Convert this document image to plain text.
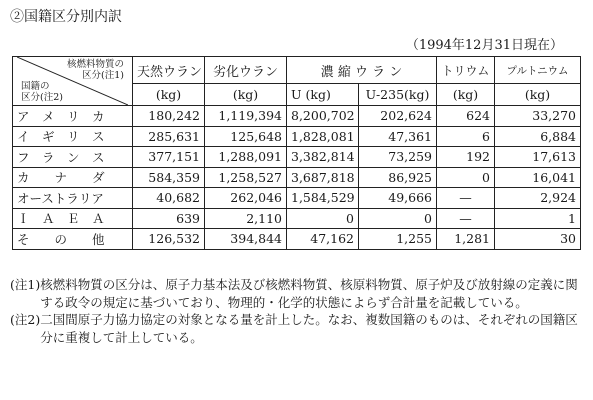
②国籍区分別内訳
（1994年12月31日現在）
核燃料物質の
区分(注1)
国籍の
区分(注2)	天然ウラン	劣化ウラン	濃 縮 ウ ラ ン		トリウム	プルトニウム
	(kg)	(kg)	U (kg)	U-235(kg)	(kg)	(kg)
ア　メ　リ　カ	180,242	1,119,394	8,200,702	202,624	624	33,270
イ　ギ　リ　ス	285,631	125,648	1,828,081	47,361	6	6,884
フ　ラ　ン　ス	377,151	1,288,091	3,382,814	73,259	192	17,613
カ　　ナ　　ダ	584,359	1,258,527	3,687,818	86,925	0	16,041
オーストラリア	40,682	262,046	1,584,529	49,666	—	2,924
Ｉ　Ａ　Ｅ　Ａ	639	2,110	0	0	—	1
そ　　の　　他	126,532	394,844	47,162	1,255	1,281	30
(注1) 核燃料物質の区分は、原子力基本法及び核燃料物質、核原料物質、原子炉及び放射線の定義に関する政令の規定に基づいており、物理的・化学的状態によらず合計量を記載している。
(注2) 二国間原子力協力協定の対象となる量を計上した。なお、複数国籍のものは、それぞれの国籍区分に重複して計上している。
